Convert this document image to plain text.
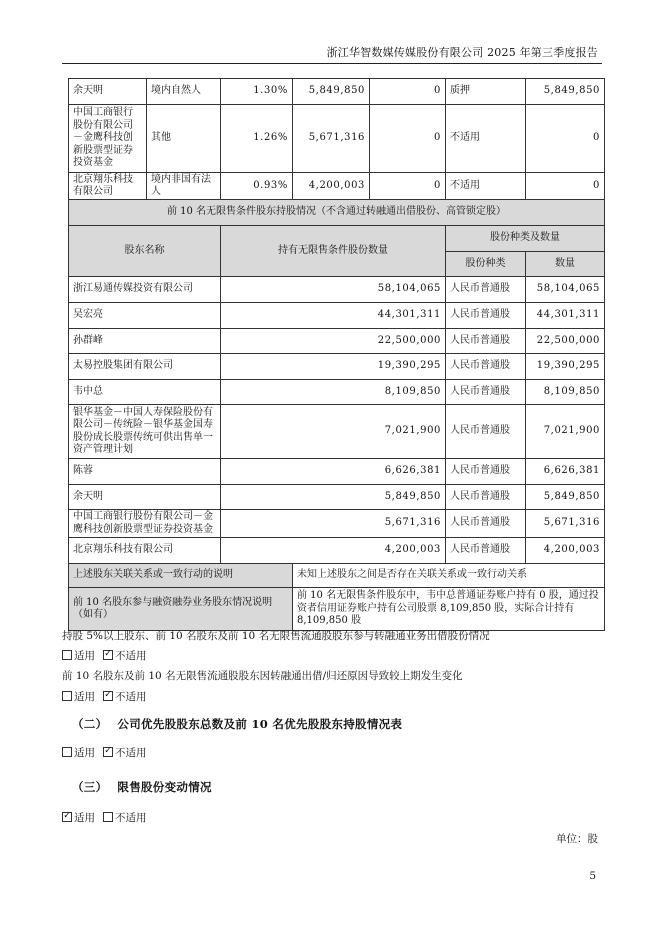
浙江华智数媒传媒股份有限公司 2025 年第三季度报告
余天明	境内自然人	1.30%	5,849,850	0	质押	5,849,850
中国工商银行股份有限公司－金鹰科技创新股票型证券投资基金	其他	1.26%	5,671,316	0	不适用	0
北京翔乐科技有限公司	境内非国有法人	0.93%	4,200,003	0	不适用	0
前 10 名无限售条件股东持股情况（不含通过转融通出借股份、高管锁定股）						
股东名称		持有无限售条件股份数量			股份种类及数量	
					股份种类	数量
浙江易通传媒投资有限公司		58,104,065			人民币普通股	58,104,065
吴宏亮		44,301,311			人民币普通股	44,301,311
孙群峰		22,500,000			人民币普通股	22,500,000
太易控股集团有限公司		19,390,295			人民币普通股	19,390,295
韦中总		8,109,850			人民币普通股	8,109,850
银华基金－中国人寿保险股份有限公司－传统险－银华基金国寿股份成长股票传统可供出售单一资产管理计划		7,021,900			人民币普通股	7,021,900
陈蓉		6,626,381			人民币普通股	6,626,381
余天明		5,849,850			人民币普通股	5,849,850
中国工商银行股份有限公司－金鹰科技创新股票型证券投资基金		5,671,316			人民币普通股	5,671,316
北京翔乐科技有限公司		4,200,003			人民币普通股	4,200,003
上述股东关联关系或一致行动的说明			未知上述股东之间是否存在关联关系或一致行动关系			
前 10 名股东参与融资融券业务股东情况说明（如有）			前 10 名无限售条件股东中，韦中总普通证券账户持有 0 股，通过投资者信用证券账户持有公司股票 8,109,850 股，实际合计持有 8,109,850 股			
持股 5%以上股东、前 10 名股东及前 10 名无限售流通股股东参与转融通业务出借股份情况
适用 ✓ 不适用
前 10 名股东及前 10 名无限售流通股股东因转融通出借/归还原因导致较上期发生变化
适用 ✓ 不适用
（二） 公司优先股股东总数及前 10 名优先股股东持股情况表
适用 ✓ 不适用
（三） 限售股份变动情况
✓适用 不适用
单位：股
5
